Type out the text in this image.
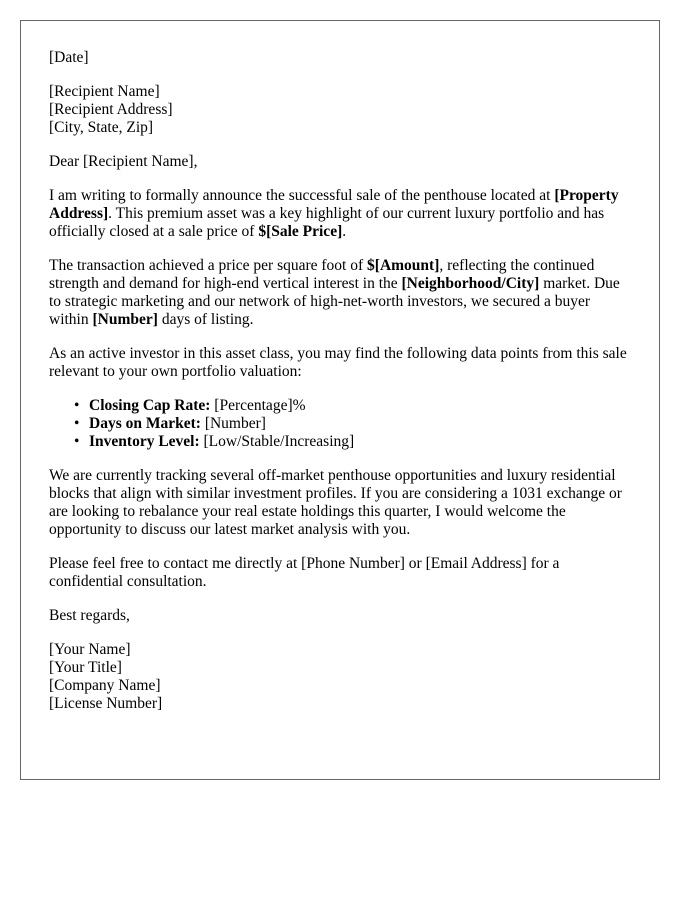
[Date]
[Recipient Name]
[Recipient Address]
[City, State, Zip]

Dear [Recipient Name],

I am writing to formally announce the successful sale of the penthouse located at [Property Address]. This premium asset was a key highlight of our current luxury portfolio and has officially closed at a sale price of $[Sale Price].

The transaction achieved a price per square foot of $[Amount], reflecting the continued strength and demand for high-end vertical interest in the [Neighborhood/City] market. Due to strategic marketing and our network of high-net-worth investors, we secured a buyer within [Number] days of listing.

As an active investor in this asset class, you may find the following data points from this sale relevant to your own portfolio valuation:

• Closing Cap Rate: [Percentage]%
• Days on Market: [Number]
• Inventory Level: [Low/Stable/Increasing]

We are currently tracking several off-market penthouse opportunities and luxury residential blocks that align with similar investment profiles. If you are considering a 1031 exchange or are looking to rebalance your real estate holdings this quarter, I would welcome the opportunity to discuss our latest market analysis with you.

Please feel free to contact me directly at [Phone Number] or [Email Address] for a confidential consultation.

Best regards,

[Your Name]
[Your Title]
[Company Name]
[License Number]
